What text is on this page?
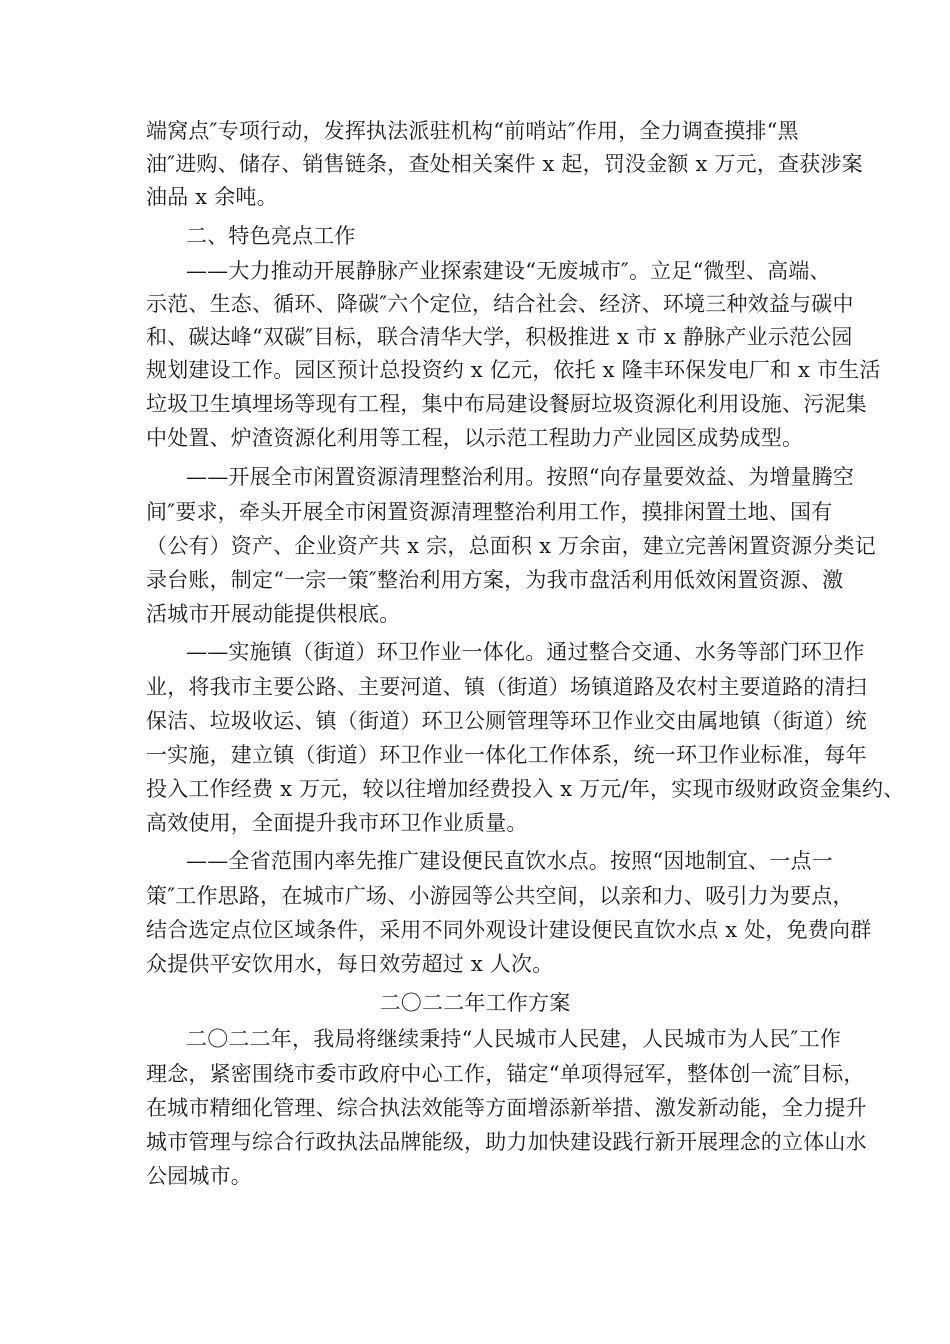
端窝点″专项行动，发挥执法派驻机构“前哨站″作用，全力调查摸排“黑
油″进购、储存、销售链条，查处相关案件 x 起，罚没金额 x 万元，查获涉案
油品 x 余吨。
二、特色亮点工作
——大力推动开展静脉产业探索建设“无废城市″。立足“微型、高端、
示范、生态、循环、降碳″六个定位，结合社会、经济、环境三种效益与碳中
和、碳达峰“双碳″目标，联合清华大学，积极推进 x 市 x 静脉产业示范公园
规划建设工作。园区预计总投资约 x 亿元，依托 x 隆丰环保发电厂和 x 市生活
垃圾卫生填埋场等现有工程，集中布局建设餐厨垃圾资源化利用设施、污泥集
中处置、炉渣资源化利用等工程，以示范工程助力产业园区成势成型。
——开展全市闲置资源清理整治利用。按照“向存量要效益、为增量腾空
间″要求，牵头开展全市闲置资源清理整治利用工作，摸排闲置土地、国有
（公有）资产、企业资产共 x 宗，总面积 x 万余亩，建立完善闲置资源分类记
录台账，制定“一宗一策″整治利用方案，为我市盘活利用低效闲置资源、激
活城市开展动能提供根底。
——实施镇（街道）环卫作业一体化。通过整合交通、水务等部门环卫作
业，将我市主要公路、主要河道、镇（街道）场镇道路及农村主要道路的清扫
保洁、垃圾收运、镇（街道）环卫公厕管理等环卫作业交由属地镇（街道）统
一实施，建立镇（街道）环卫作业一体化工作体系，统一环卫作业标准，每年
投入工作经费 x 万元，较以往增加经费投入 x 万元/年，实现市级财政资金集约、
高效使用，全面提升我市环卫作业质量。
——全省范围内率先推广建设便民直饮水点。按照“因地制宜、一点一
策″工作思路，在城市广场、小游园等公共空间，以亲和力、吸引力为要点，
结合选定点位区域条件，采用不同外观设计建设便民直饮水点 x 处，免费向群
众提供平安饮用水，每日效劳超过 x 人次。
二〇二二年工作方案
二〇二二年，我局将继续秉持“人民城市人民建，人民城市为人民″工作
理念，紧密围绕市委市政府中心工作，锚定“单项得冠军，整体创一流″目标，
在城市精细化管理、综合执法效能等方面增添新举措、激发新动能，全力提升
城市管理与综合行政执法品牌能级，助力加快建设践行新开展理念的立体山水
公园城市。
